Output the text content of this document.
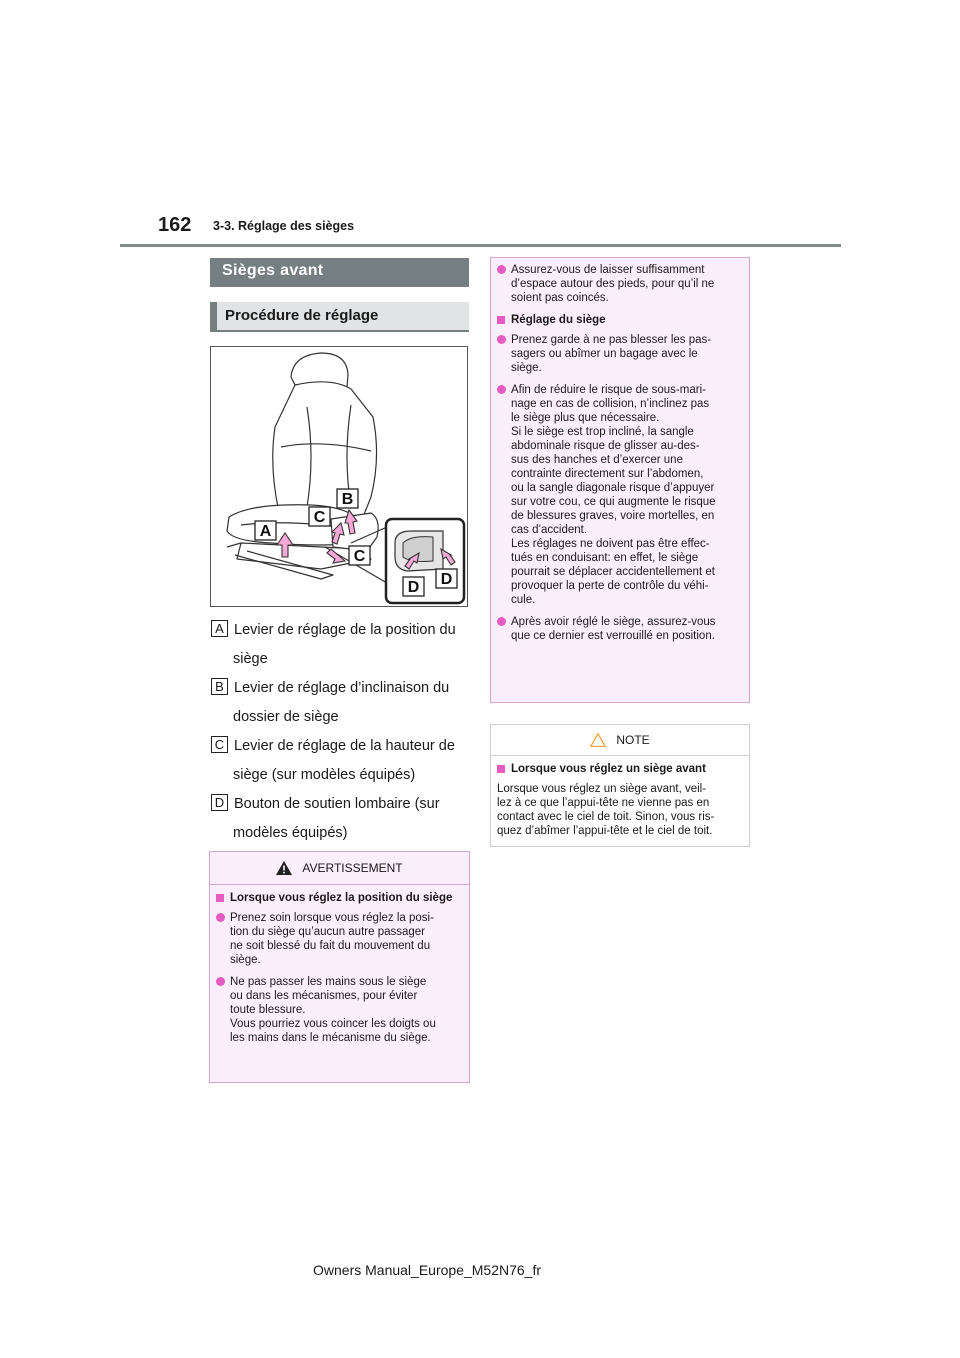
162 3-3. Réglage des sièges
Sièges avant
Procédure de réglage
A
B
C
C
D D
A Levier de réglage de la position du
siège
B Levier de réglage d’inclinaison du
dossier de siège
C Levier de réglage de la hauteur de
siège (sur modèles équipés)
D Bouton de soutien lombaire (sur
modèles équipés)
AVERTISSEMENT
Lorsque vous réglez la position du siège

Prenez soin lorsque vous réglez la posi-

tion du siège qu’aucun autre passager

ne soit blessé du fait du mouvement du

siège.

Ne pas passer les mains sous le siège

ou dans les mécanismes, pour éviter

toute blessure.

Vous pourriez vous coincer les doigts ou

les mains dans le mécanisme du siège.

Assurez-vous de laisser suffisamment

d’espace autour des pieds, pour qu’il ne

soient pas coincés.

Réglage du siège

Prenez garde à ne pas blesser les pas-

sagers ou abîmer un bagage avec le

siège.

Afin de réduire le risque de sous-mari-

nage en cas de collision, n’inclinez pas

le siège plus que nécessaire.

Si le siège est trop incliné, la sangle

abdominale risque de glisser au-des-

sus des hanches et d’exercer une

contrainte directement sur l’abdomen,

ou la sangle diagonale risque d’appuyer

sur votre cou, ce qui augmente le risque

de blessures graves, voire mortelles, en

cas d’accident.

Les réglages ne doivent pas être effec-

tués en conduisant: en effet, le siège

pourrait se déplacer accidentellement et

provoquer la perte de contrôle du véhi-

cule.

Après avoir réglé le siège, assurez-vous

que ce dernier est verrouillé en position.

NOTE
Lorsque vous réglez un siège avant

Lorsque vous réglez un siège avant, veil-

lez à ce que l’appui-tête ne vienne pas en

contact avec le ciel de toit. Sinon, vous ris-

quez d’abîmer l’appui-tête et le ciel de toit.

Owners Manual_Europe_M52N76_fr
